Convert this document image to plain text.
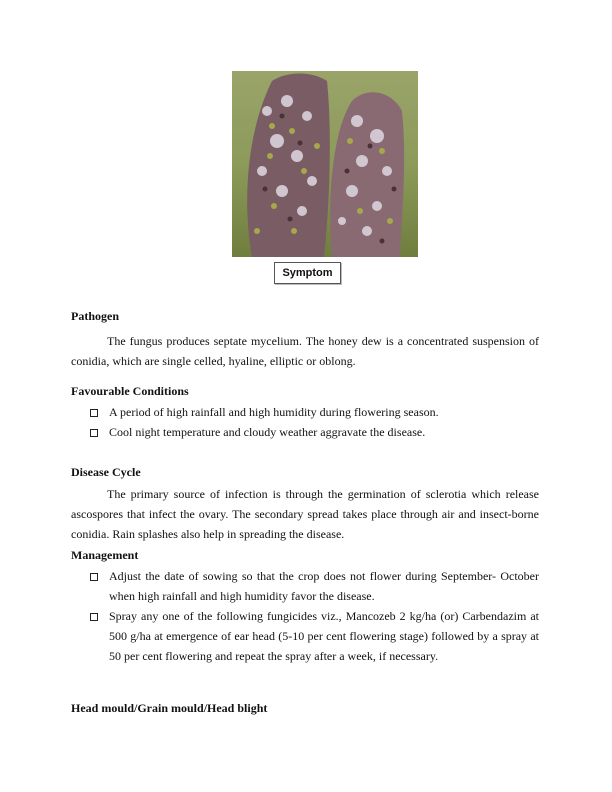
Symptom
Pathogen
The fungus produces septate mycelium. The honey dew is a concentrated suspension of conidia, which are single celled, hyaline, elliptic or oblong.
Favourable Conditions
A period of high rainfall and high humidity during flowering season.
Cool night temperature and cloudy weather aggravate the disease.
Disease Cycle
The primary source of infection is through the germination of sclerotia which release ascospores that infect the ovary. The secondary spread takes place through air and insect-borne conidia. Rain splashes also help in spreading the disease.
Management
Adjust the date of sowing so that the crop does not flower during September- October when high rainfall and high humidity favor the disease.
Spray any one of the following fungicides viz., Mancozeb 2 kg/ha (or) Carbendazim at 500 g/ha at emergence of ear head (5-10 per cent flowering stage) followed by a spray at 50 per cent flowering and repeat the spray after a week, if necessary.
Head mould/Grain mould/Head blight
